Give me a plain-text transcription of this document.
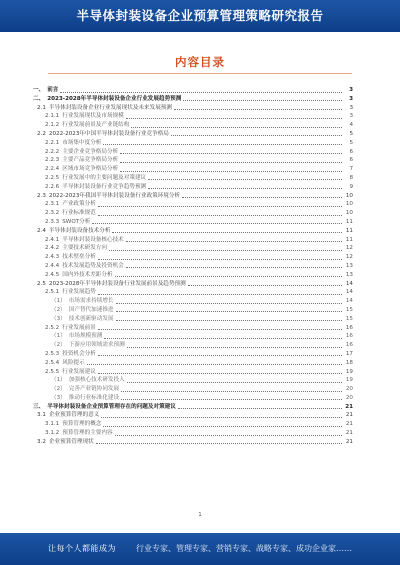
半导体封装设备企业预算管理策略研究报告
内容目录
一、 前言	3
二、 2023-2028年半导体封装设备企业行业发展趋势预测	3
2.1 半导体封装设备企业行业发展现状及未来发展预测	3
2.1.1 行业发展现状及市场规模	3
2.1.2 行业发展前景及产业链结构	4
2.2 2022-2023年中国半导体封装设备行业竞争格局	5
2.2.1 市场集中度分析	5
2.2.2 主要企业竞争格局分析	6
2.2.3 主要产品竞争格局分析	6
2.2.4 区域市场竞争格局分析	7
2.2.5 行业发展中的主要问题及对策建议	8
2.2.6 半导体封装设备行业竞争趋势预测	9
2.3 2022-2023年我国半导体封装设备行业政策环境分析	10
2.3.1 产业政策分析	10
2.3.2 行业标准规范	10
2.3.3 SWOT分析	11
2.4 半导体封装设备技术分析	11
2.4.1 半导体封装设备核心技术	11
2.4.2 主要技术研发方向	12
2.4.3 技术壁垒分析	12
2.4.4 技术发展趋势及投资机会	13
2.4.5 国内外技术差距分析	13
2.5 2023-2028年半导体封装设备行业发展前景及趋势预测	14
2.5.1 行业发展趋势	14
（1） 市场需求持续增长	14
（2） 国产替代加速推进	15
（3） 技术创新驱动发展	15
2.5.2 行业发展前景	16
（1） 市场规模预测	16
（2） 下游应用领域需求预测	16
2.5.3 投资机会分析	17
2.5.4 风险提示	18
2.5.5 行业发展建议	19
（1） 加强核心技术研发投入	19
（2） 完善产业链协同发展	20
（3） 推动行业标准化建设	20
三、 半导体封装设备企业预算管理存在的问题及对策建议	21
3.1 企业预算管理的意义	21
3.1.1 预算管理的概念	21
3.1.2 预算管理的主要内容	21
3.2 企业预算管理现状	21
1
让每个人都能成为	行业专家、管理专家、营销专家、战略专家、成功企业家……
